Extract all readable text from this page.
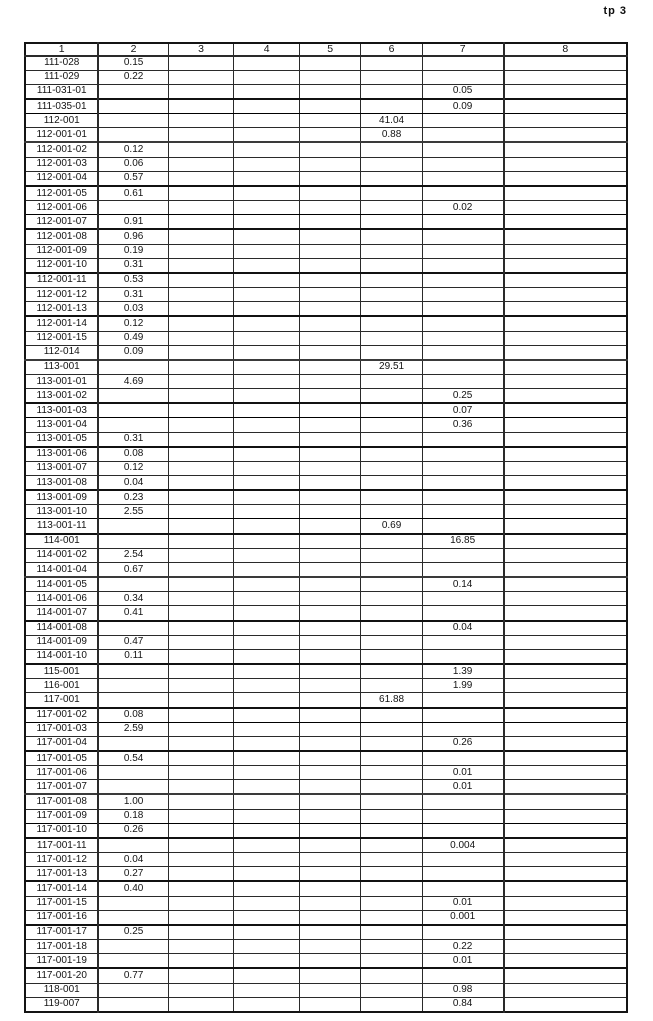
tp 3
1	2	3	4	5	6	7	8
111-028	0.15						
111-029	0.22						
111-031-01						0.05	
111-035-01						0.09	
112-001					41.04		
112-001-01					0.88		
112-001-02	0.12						
112-001-03	0.06						
112-001-04	0.57						
112-001-05	0.61						
112-001-06						0.02	
112-001-07	0.91						
112-001-08	0.96						
112-001-09	0.19						
112-001-10	0.31						
112-001-11	0.53						
112-001-12	0.31						
112-001-13	0.03						
112-001-14	0.12						
112-001-15	0.49						
112-014	0.09						
113-001					29.51		
113-001-01	4.69						
113-001-02						0.25	
113-001-03						0.07	
113-001-04						0.36	
113-001-05	0.31						
113-001-06	0.08						
113-001-07	0.12						
113-001-08	0.04						
113-001-09	0.23						
113-001-10	2.55						
113-001-11					0.69		
114-001						16.85	
114-001-02	2.54						
114-001-04	0.67						
114-001-05						0.14	
114-001-06	0.34						
114-001-07	0.41						
114-001-08						0.04	
114-001-09	0.47						
114-001-10	0.11						
115-001						1.39	
116-001						1.99	
117-001					61.88		
117-001-02	0.08						
117-001-03	2.59						
117-001-04						0.26	
117-001-05	0.54						
117-001-06						0.01	
117-001-07						0.01	
117-001-08	1.00						
117-001-09	0.18						
117-001-10	0.26						
117-001-11						0.004	
117-001-12	0.04						
117-001-13	0.27						
117-001-14	0.40						
117-001-15						0.01	
117-001-16						0.001	
117-001-17	0.25						
117-001-18						0.22	
117-001-19						0.01	
117-001-20	0.77						
118-001						0.98	
119-007						0.84	
